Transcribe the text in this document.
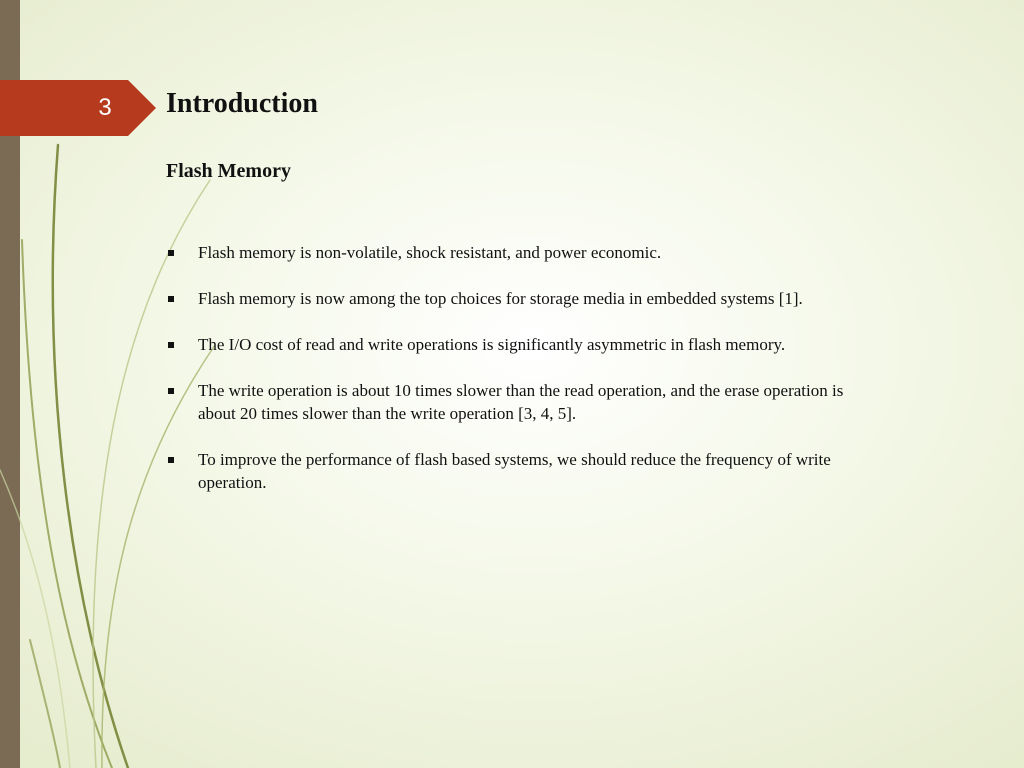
3	Introduction
Flash Memory
Flash memory is non-volatile, shock resistant, and power economic.
Flash memory is now among the top choices for storage media in embedded systems [1].
The I/O cost of read and write operations is significantly asymmetric in flash memory.
The write operation is about 10 times slower than the read operation, and the erase operation is about 20 times slower than the write operation [3, 4, 5].
To improve the performance of flash based systems, we should reduce the frequency of write operation.
